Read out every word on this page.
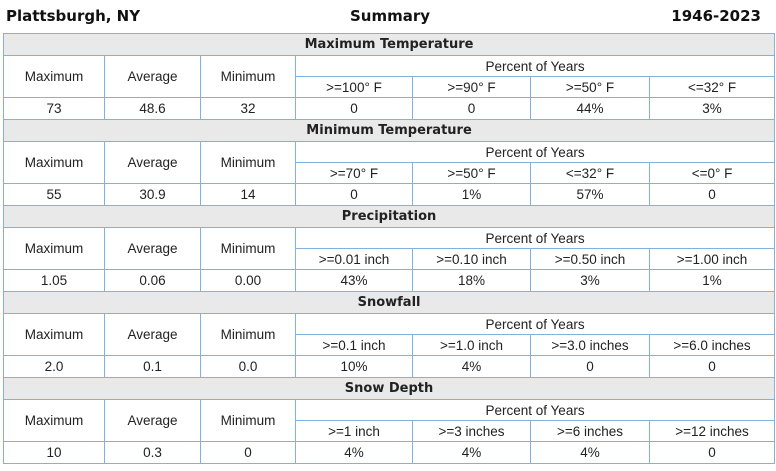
Plattsburgh, NY	Summary	1946-2023
Maximum Temperature						
Maximum	Average	Minimum	Percent of Years			
			>=100° F	>=90° F	>=50° F	<=32° F
73	48.6	32	0	0	44%	3%
Minimum Temperature						
Maximum	Average	Minimum	Percent of Years			
			>=70° F	>=50° F	<=32° F	<=0° F
55	30.9	14	0	1%	57%	0
Precipitation						
Maximum	Average	Minimum	Percent of Years			
			>=0.01 inch	>=0.10 inch	>=0.50 inch	>=1.00 inch
1.05	0.06	0.00	43%	18%	3%	1%
Snowfall						
Maximum	Average	Minimum	Percent of Years			
			>=0.1 inch	>=1.0 inch	>=3.0 inches	>=6.0 inches
2.0	0.1	0.0	10%	4%	0	0
Snow Depth						
Maximum	Average	Minimum	Percent of Years			
			>=1 inch	>=3 inches	>=6 inches	>=12 inches
10	0.3	0	4%	4%	4%	0
